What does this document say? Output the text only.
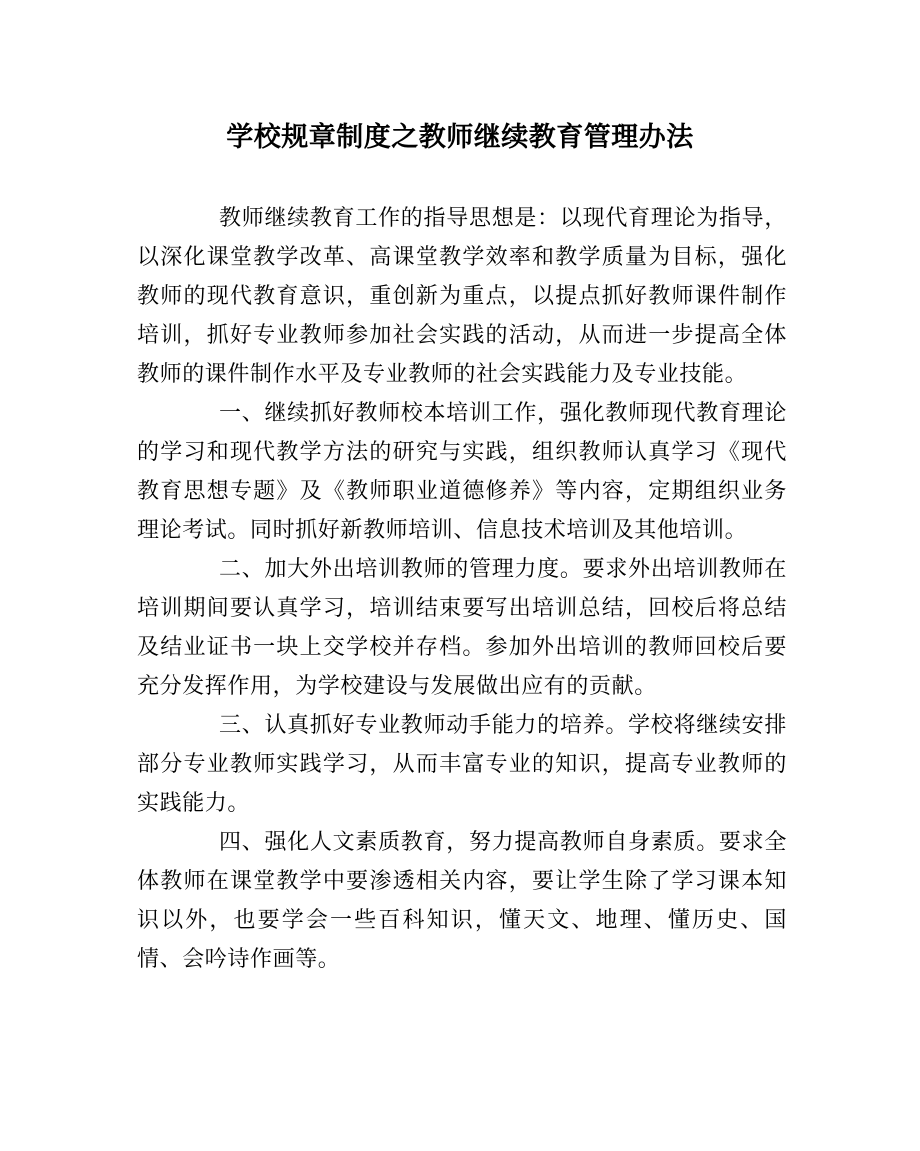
学校规章制度之教师继续教育管理办法

教师继续教育工作的指导思想是：以现代育理论为指导，以深化课堂教学改革、高课堂教学效率和教学质量为目标，强化教师的现代教育意识，重创新为重点，以提点抓好教师课件制作培训，抓好专业教师参加社会实践的活动，从而进一步提高全体教师的课件制作水平及专业教师的社会实践能力及专业技能。

一、继续抓好教师校本培训工作，强化教师现代教育理论的学习和现代教学方法的研究与实践，组织教师认真学习《现代教育思想专题》及《教师职业道德修养》等内容，定期组织业务理论考试。同时抓好新教师培训、信息技术培训及其他培训。

二、加大外出培训教师的管理力度。要求外出培训教师在培训期间要认真学习，培训结束要写出培训总结，回校后将总结及结业证书一块上交学校并存档。参加外出培训的教师回校后要充分发挥作用，为学校建设与发展做出应有的贡献。

三、认真抓好专业教师动手能力的培养。学校将继续安排部分专业教师实践学习，从而丰富专业的知识，提高专业教师的实践能力。

四、强化人文素质教育，努力提高教师自身素质。要求全体教师在课堂教学中要渗透相关内容，要让学生除了学习课本知识以外，也要学会一些百科知识，懂天文、地理、懂历史、国情、会吟诗作画等。
